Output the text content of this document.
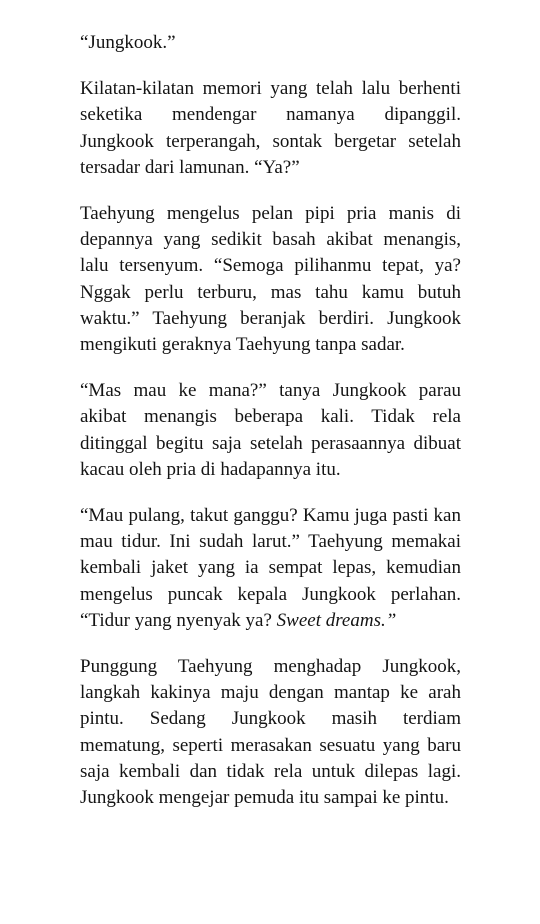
“Jungkook.”

Kilatan-kilatan memori yang telah lalu berhenti seketika mendengar namanya dipanggil. Jungkook terperangah, sontak bergetar setelah tersadar dari lamunan. “Ya?”

Taehyung mengelus pelan pipi pria manis di depannya yang sedikit basah akibat menangis, lalu tersenyum. “Semoga pilihanmu tepat, ya? Nggak perlu terburu, mas tahu kamu butuh waktu.” Taehyung beranjak berdiri. Jungkook mengikuti geraknya Taehyung tanpa sadar.

“Mas mau ke mana?” tanya Jungkook parau akibat menangis beberapa kali. Tidak rela ditinggal begitu saja setelah perasaannya dibuat kacau oleh pria di hadapannya itu.

“Mau pulang, takut ganggu? Kamu juga pasti kan mau tidur. Ini sudah larut.” Taehyung memakai kembali jaket yang ia sempat lepas, kemudian mengelus puncak kepala Jungkook perlahan. “Tidur yang nyenyak ya? Sweet dreams.”

Punggung Taehyung menghadap Jungkook, langkah kakinya maju dengan mantap ke arah pintu. Sedang Jungkook masih terdiam mematung, seperti merasakan sesuatu yang baru saja kembali dan tidak rela untuk dilepas lagi. Jungkook mengejar pemuda itu sampai ke pintu.
